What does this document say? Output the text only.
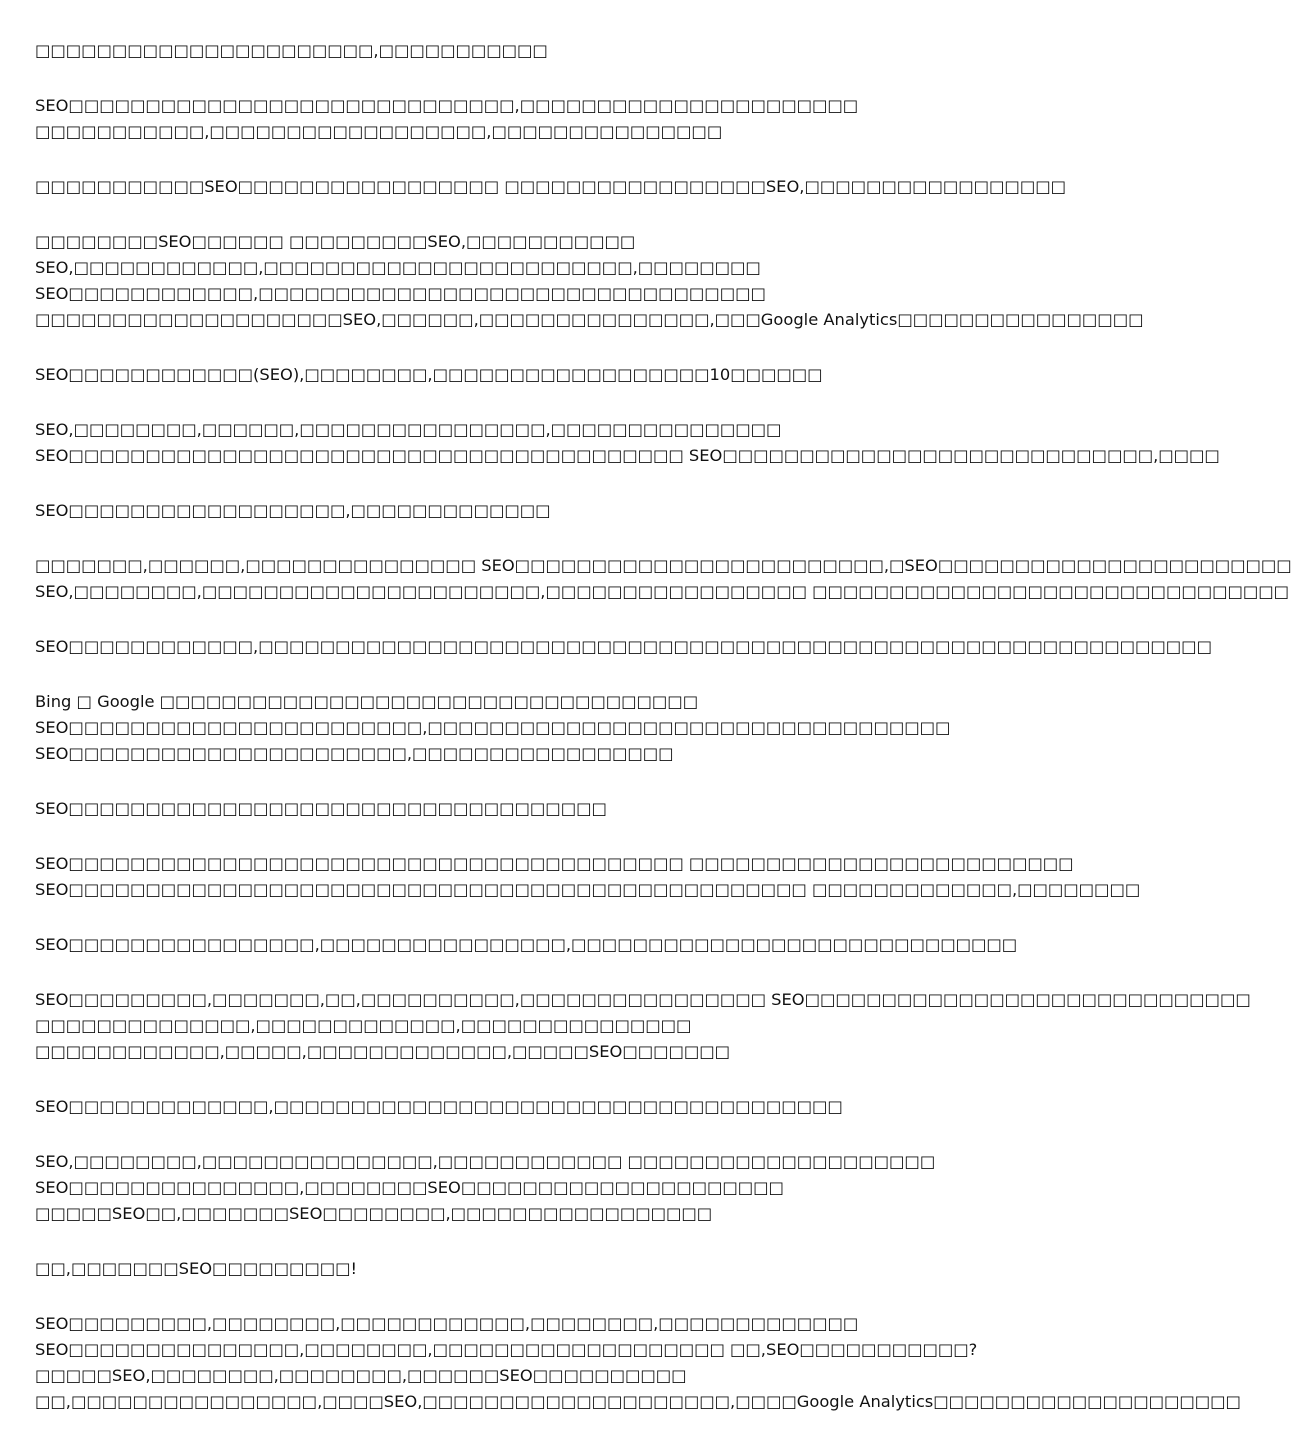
□□□□□□□□□□□□□□□□□□□□□□,□□□□□□□□□□□
SEO□□□□□□□□□□□□□□□□□□□□□□□□□□□□□,□□□□□□□□□□□□□□□□□□□□□□
□□□□□□□□□□□,□□□□□□□□□□□□□□□□□□,□□□□□□□□□□□□□□□
□□□□□□□□□□□SEO□□□□□□□□□□□□□□□□□ □□□□□□□□□□□□□□□□□SEO,□□□□□□□□□□□□□□□□□
□□□□□□□□SEO□□□□□□ □□□□□□□□□SEO,□□□□□□□□□□□
SEO,□□□□□□□□□□□□,□□□□□□□□□□□□□□□□□□□□□□□□,□□□□□□□□
SEO□□□□□□□□□□□□,□□□□□□□□□□□□□□□□□□□□□□□□□□□□□□□□□
□□□□□□□□□□□□□□□□□□□□SEO,□□□□□□,□□□□□□□□□□□□□□□,□□□Google Analytics□□□□□□□□□□□□□□□□
SEO□□□□□□□□□□□□(SEO),□□□□□□□□,□□□□□□□□□□□□□□□□□□10□□□□□□
SEO,□□□□□□□□,□□□□□□,□□□□□□□□□□□□□□□□,□□□□□□□□□□□□□□□
SEO□□□□□□□□□□□□□□□□□□□□□□□□□□□□□□□□□□□□□□□□ SEO□□□□□□□□□□□□□□□□□□□□□□□□□□□□,□□□□
SEO□□□□□□□□□□□□□□□□□□,□□□□□□□□□□□□□
□□□□□□□,□□□□□□,□□□□□□□□□□□□□□□ SEO□□□□□□□□□□□□□□□□□□□□□□□□,□SEO□□□□□□□□□□□□□□□□□□□□□□□
SEO,□□□□□□□□,□□□□□□□□□□□□□□□□□□□□□□,□□□□□□□□□□□□□□□□□ □□□□□□□□□□□□□□□□□□□□□□□□□□□□□□□
SEO□□□□□□□□□□□□,□□□□□□□□□□□□□□□□□□□□□□□□□□□□□□□□□□□□□□□□□□□□□□□□□□□□□□□□□□□□□□
Bing □ Google □□□□□□□□□□□□□□□□□□□□□□□□□□□□□□□□□□□
SEO□□□□□□□□□□□□□□□□□□□□□□□,□□□□□□□□□□□□□□□□□□□□□□□□□□□□□□□□□□
SEO□□□□□□□□□□□□□□□□□□□□□□,□□□□□□□□□□□□□□□□□
SEO□□□□□□□□□□□□□□□□□□□□□□□□□□□□□□□□□□□
SEO□□□□□□□□□□□□□□□□□□□□□□□□□□□□□□□□□□□□□□□□ □□□□□□□□□□□□□□□□□□□□□□□□□
SEO□□□□□□□□□□□□□□□□□□□□□□□□□□□□□□□□□□□□□□□□□□□□□□□□ □□□□□□□□□□□□□,□□□□□□□□
SEO□□□□□□□□□□□□□□□□,□□□□□□□□□□□□□□□□,□□□□□□□□□□□□□□□□□□□□□□□□□□□□□
SEO□□□□□□□□□,□□□□□□□,□□,□□□□□□□□□□,□□□□□□□□□□□□□□□□ SEO□□□□□□□□□□□□□□□□□□□□□□□□□□□□□
□□□□□□□□□□□□□□,□□□□□□□□□□□□□,□□□□□□□□□□□□□□□
□□□□□□□□□□□□,□□□□□,□□□□□□□□□□□□□,□□□□□SEO□□□□□□□
SEO□□□□□□□□□□□□□,□□□□□□□□□□□□□□□□□□□□□□□□□□□□□□□□□□□□□
SEO,□□□□□□□□,□□□□□□□□□□□□□□□,□□□□□□□□□□□□ □□□□□□□□□□□□□□□□□□□□
SEO□□□□□□□□□□□□□□□,□□□□□□□□SEO□□□□□□□□□□□□□□□□□□□□□
□□□□□SEO□□,□□□□□□□SEO□□□□□□□□,□□□□□□□□□□□□□□□□□
□□,□□□□□□□SEO□□□□□□□□□!
SEO□□□□□□□□□,□□□□□□□□,□□□□□□□□□□□□,□□□□□□□□,□□□□□□□□□□□□□
SEO□□□□□□□□□□□□□□□,□□□□□□□□,□□□□□□□□□□□□□□□□□□□ □□,SEO□□□□□□□□□□□?
□□□□□SEO,□□□□□□□□,□□□□□□□□,□□□□□□SEO□□□□□□□□□□
□□,□□□□□□□□□□□□□□□□,□□□□SEO,□□□□□□□□□□□□□□□□□□□□,□□□□Google Analytics□□□□□□□□□□□□□□□□□□□□
